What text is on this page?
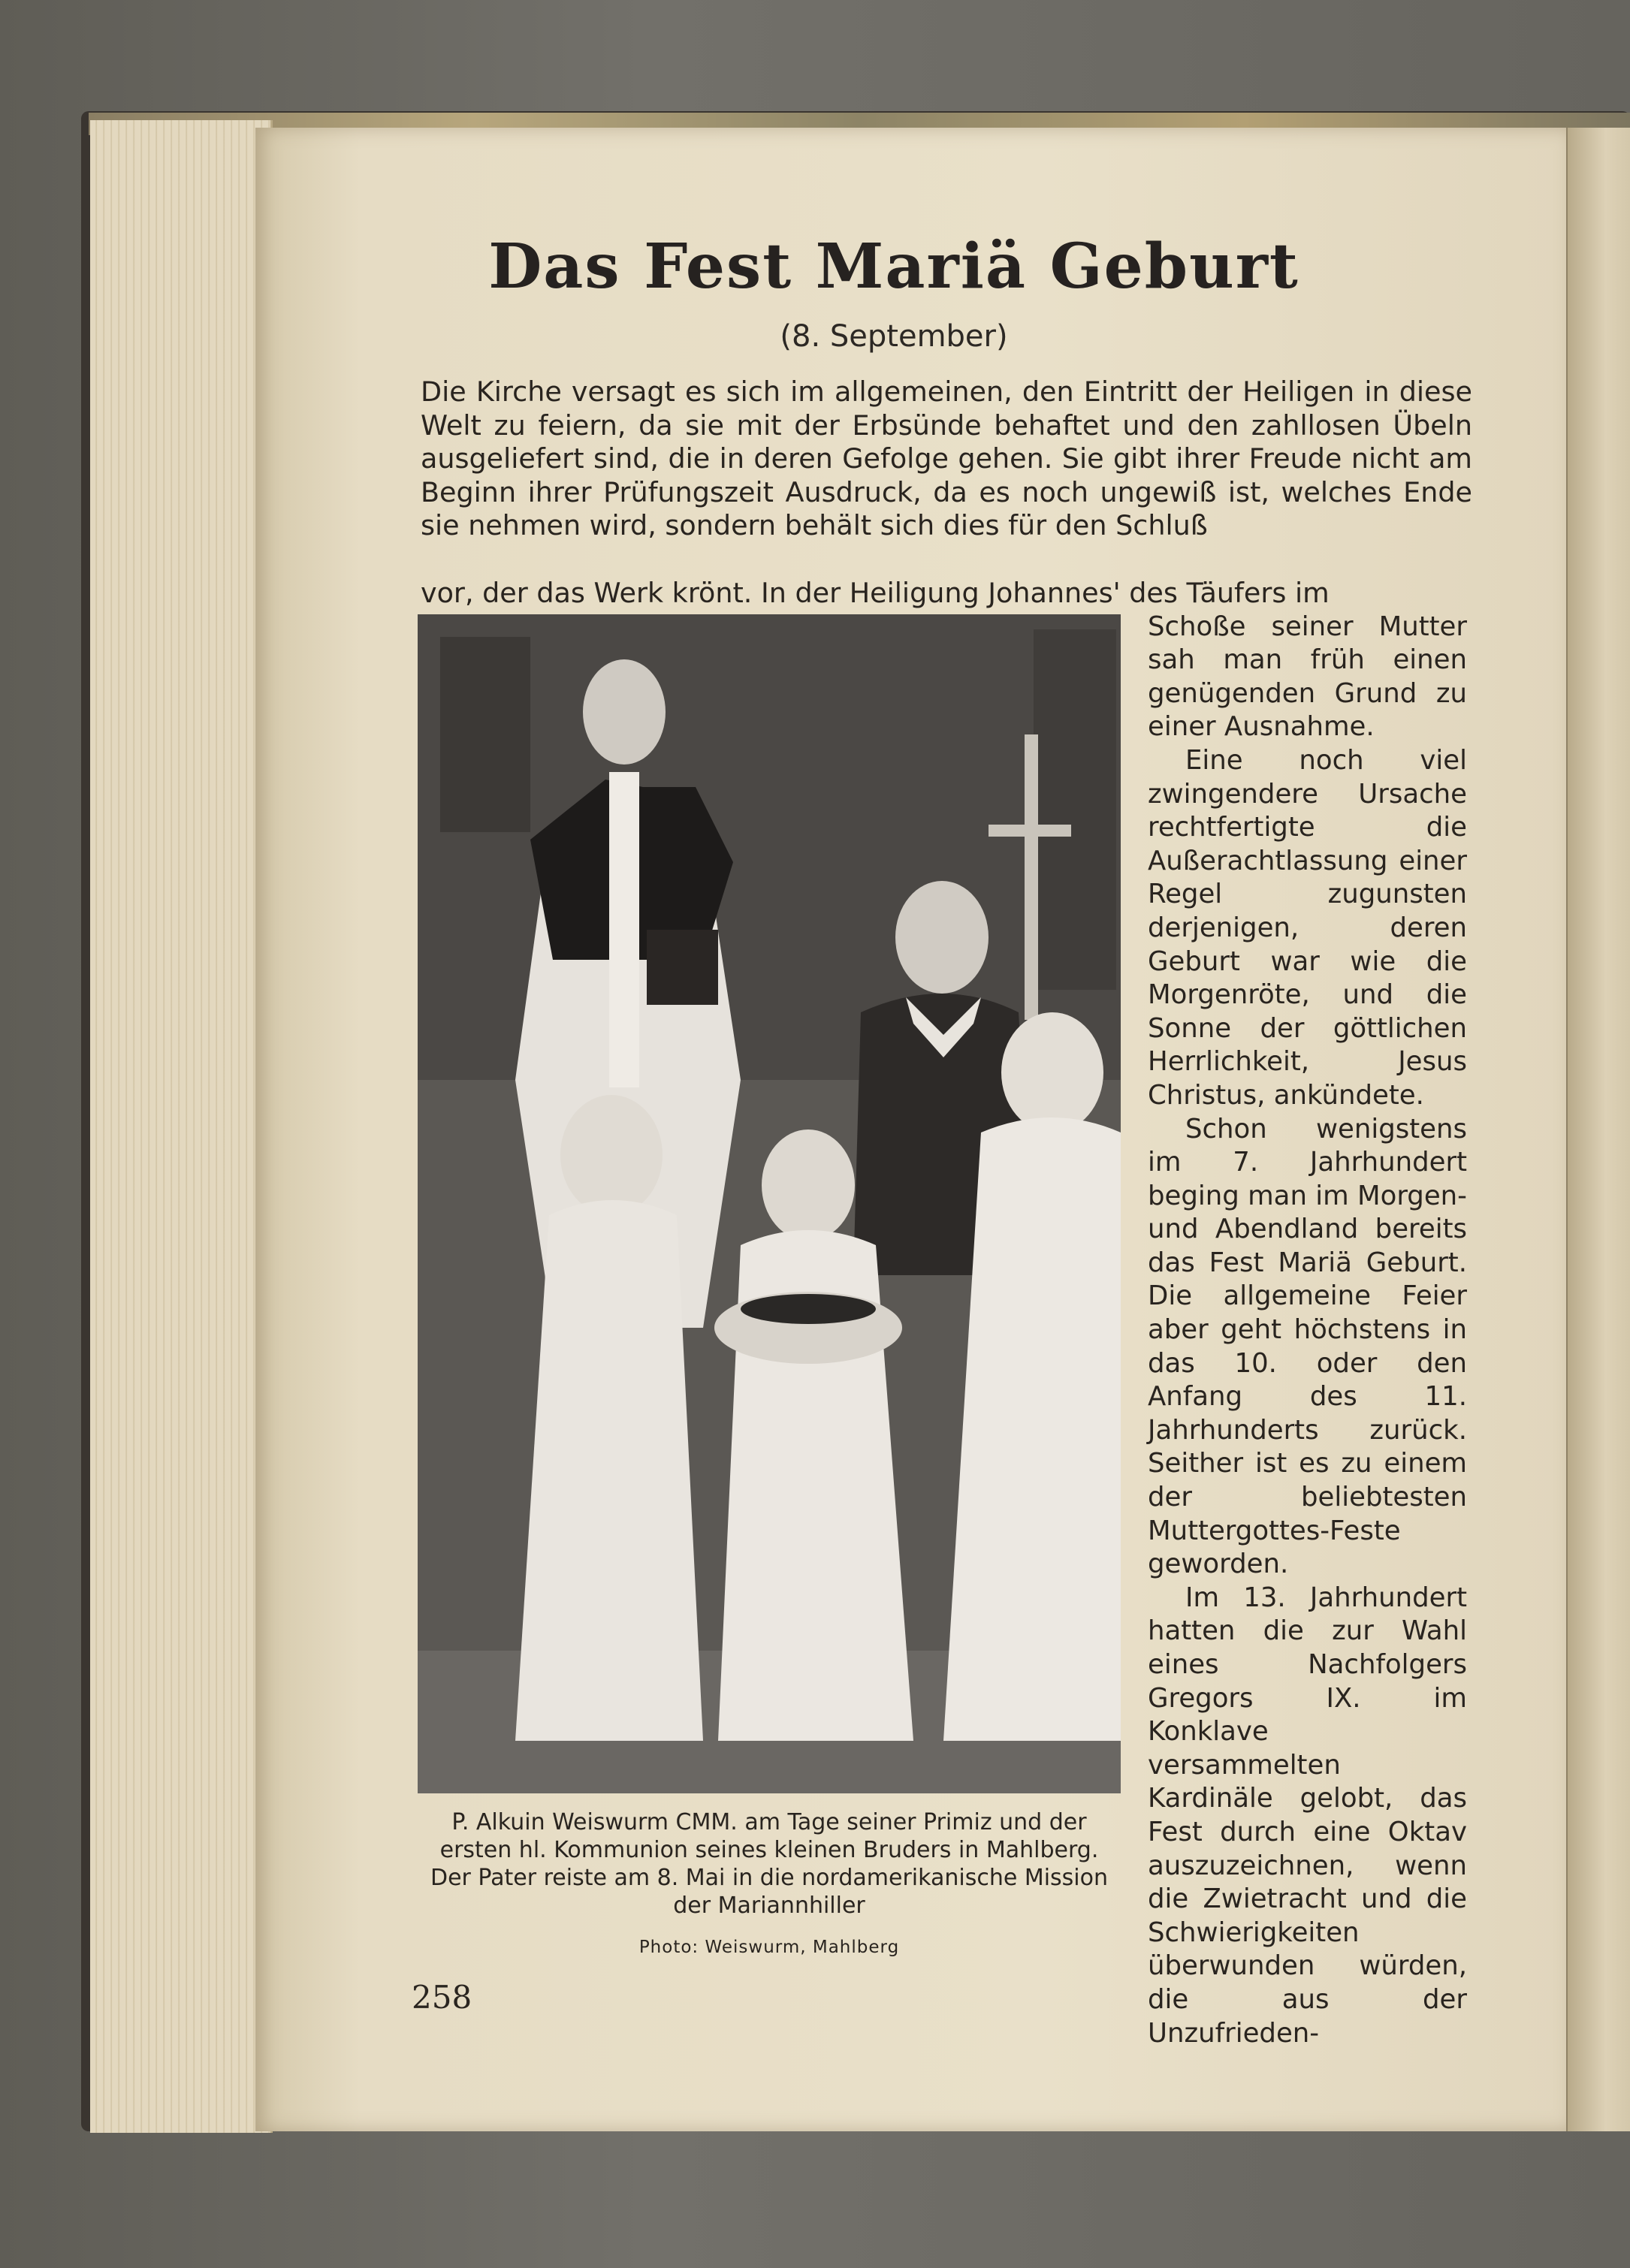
Das Fest Mariä Geburt
(8. September)

Die Kirche versagt es sich im allgemeinen, den Eintritt der Heiligen in diese Welt zu feiern, da sie mit der Erbsünde behaftet und den zahllosen Übeln ausgeliefert sind, die in deren Gefolge gehen. Sie gibt ihrer Freude nicht am Beginn ihrer Prüfungszeit Ausdruck, da es noch ungewiß ist, welches Ende sie nehmen wird, sondern behält sich dies für den Schluß

vor, der das Werk krönt. In der Heiligung Johannes' des Täufers im

P. Alkuin Weiswurm CMM. am Tage seiner Primiz und der ersten hl. Kommunion seines kleinen Bruders in Mahlberg. Der Pater reiste am 8. Mai in die nordamerikanische Mission der Mariannhiller

Photo: Weiswurm, Mahlberg

Schoße seiner Mutter sah man früh einen genügenden Grund zu einer Ausnahme.

Eine noch viel zwingendere Ursache rechtfertigte die Außerachtlassung einer Regel zugunsten derjenigen, deren Geburt war wie die Morgenröte, und die Sonne der göttlichen Herrlichkeit, Jesus Christus, ankündete.

Schon wenigstens im 7. Jahrhundert beging man im Morgen- und Abendland bereits das Fest Mariä Geburt. Die allgemeine Feier aber geht höchstens in das 10. oder den Anfang des 11. Jahrhunderts zurück. Seither ist es zu einem der beliebtesten Muttergottes-Feste geworden.

Im 13. Jahrhundert hatten die zur Wahl eines Nachfolgers Gregors IX. im Konklave versammelten Kardinäle gelobt, das Fest durch eine Oktav auszuzeichnen, wenn die Zwietracht und die Schwierigkeiten überwunden würden, die aus der Unzufrieden-

258
